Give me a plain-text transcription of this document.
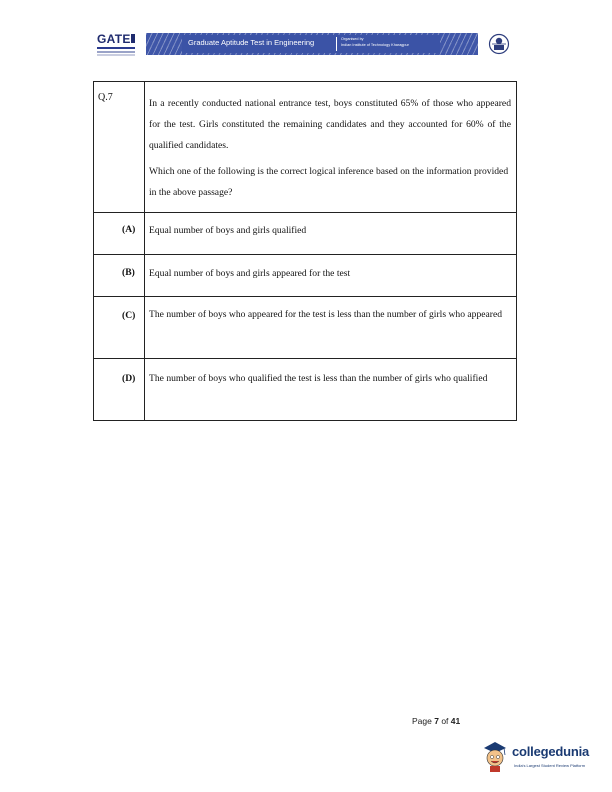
GATE	Graduate Aptitude Test in Engineering	Organised by
Indian Institute of Technology Kharagpur
Q.7
In a recently conducted national entrance test, boys constituted 65% of those who appeared for the test. Girls constituted the remaining candidates and they accounted for 60% of the qualified candidates.
Which one of the following is the correct logical inference based on the information provided in the above passage?
(A) Equal number of boys and girls qualified
(B) Equal number of boys and girls appeared for the test
(C) The number of boys who appeared for the test is less than the number of girls who appeared
(D) The number of boys who qualified the test is less than the number of girls who qualified
Page 7 of 41
collegedunia
India's Largest Student Review Platform
